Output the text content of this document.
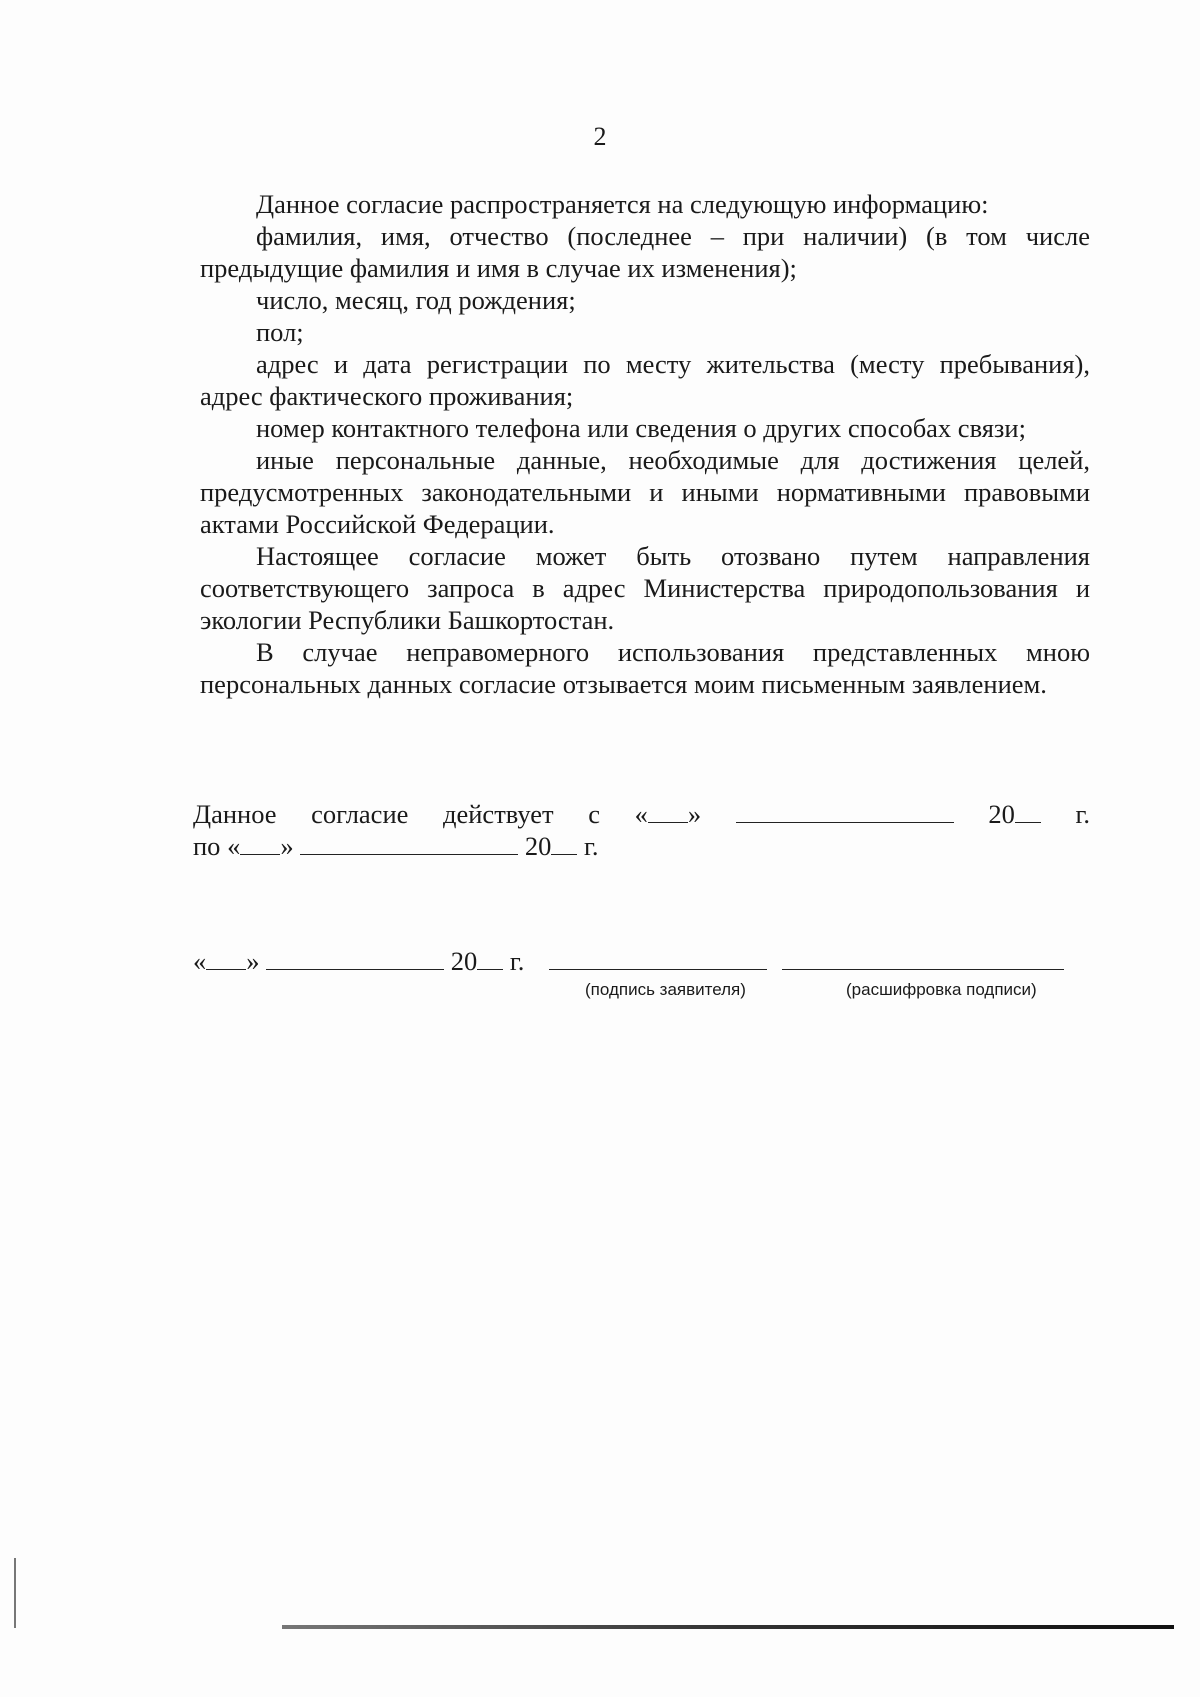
2

Данное согласие распространяется на следующую информацию:

фамилия, имя, отчество (последнее – при наличии) (в том числе предыдущие фамилия и имя в случае их изменения);

число, месяц, год рождения;

пол;

адрес и дата регистрации по месту жительства (месту пребывания), адрес фактического проживания;

номер контактного телефона или сведения о других способах связи;

иные персональные данные, необходимые для достижения целей, предусмотренных законодательными и иными нормативными правовыми актами Российской Федерации.

Настоящее согласие может быть отозвано путем направления соответствующего запроса в адрес Министерства природопользования и экологии Республики Башкортостан.

В случае неправомерного использования представленных мною персональных данных согласие отзывается моим письменным заявлением.

Данное согласие действует с « »	20 г.
по « »	20 г.
« »	20 г.
(подпись заявителя)	(расшифровка подписи)
